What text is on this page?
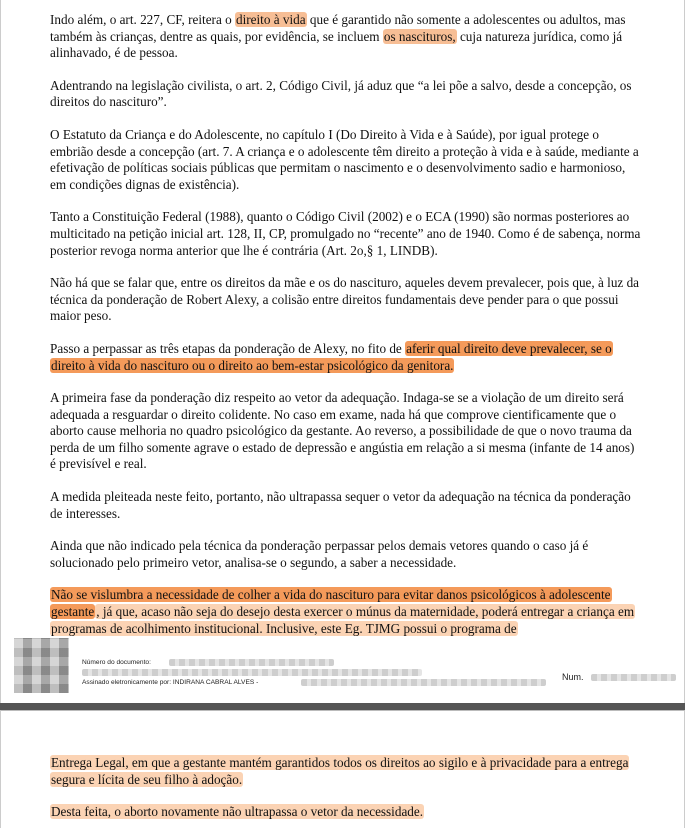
Indo além, o art. 227, CF, reitera o direito à vida que é garantido não somente a adolescentes ou adultos, mas também às crianças, dentre as quais, por evidência, se incluem os nascituros, cuja natureza jurídica, como já alinhavado, é de pessoa.

Adentrando na legislação civilista, o art. 2, Código Civil, já aduz que “a lei põe a salvo, desde a concepção, os direitos do nascituro”.

O Estatuto da Criança e do Adolescente, no capítulo I (Do Direito à Vida e à Saúde), por igual protege o embrião desde a concepção (art. 7. A criança e o adolescente têm direito a proteção à vida e à saúde, mediante a efetivação de políticas sociais públicas que permitam o nascimento e o desenvolvimento sadio e harmonioso, em condições dignas de existência).

Tanto a Constituição Federal (1988), quanto o Código Civil (2002) e o ECA (1990) são normas posteriores ao multicitado na petição inicial art. 128, II, CP, promulgado no “recente” ano de 1940. Como é de sabença, norma posterior revoga norma anterior que lhe é contrária (Art. 2o,§ 1, LINDB).

Não há que se falar que, entre os direitos da mãe e os do nascituro, aqueles devem prevalecer, pois que, à luz da técnica da ponderação de Robert Alexy, a colisão entre direitos fundamentais deve pender para o que possui maior peso.

Passo a perpassar as três etapas da ponderação de Alexy, no fito de aferir qual direito deve prevalecer, se o direito à vida do nascituro ou o direito ao bem-estar psicológico da genitora.

A primeira fase da ponderação diz respeito ao vetor da adequação. Indaga-se se a violação de um direito será adequada a resguardar o direito colidente. No caso em exame, nada há que comprove cientificamente que o aborto cause melhoria no quadro psicológico da gestante. Ao reverso, a possibilidade de que o novo trauma da perda de um filho somente agrave o estado de depressão e angústia em relação a si mesma (infante de 14 anos) é previsível e real.

A medida pleiteada neste feito, portanto, não ultrapassa sequer o vetor da adequação na técnica da ponderação de interesses.

Ainda que não indicado pela técnica da ponderação perpassar pelos demais vetores quando o caso já é solucionado pelo primeiro vetor, analisa-se o segundo, a saber a necessidade.

Não se vislumbra a necessidade de colher a vida do nascituro para evitar danos psicológicos à adolescente gestante , já que, acaso não seja do desejo desta exercer o múnus da maternidade, poderá entregar a criança em programas de acolhimento institucional. Inclusive, este Eg. TJMG possui o programa de

Número do documento:
Assinado eletronicamente por: INDIRANA CABRAL ALVES -
Num.

Entrega Legal, em que a gestante mantém garantidos todos os direitos ao sigilo e à privacidade para a entrega segura e lícita de seu filho à adoção.

Desta feita, o aborto novamente não ultrapassa o vetor da necessidade.
